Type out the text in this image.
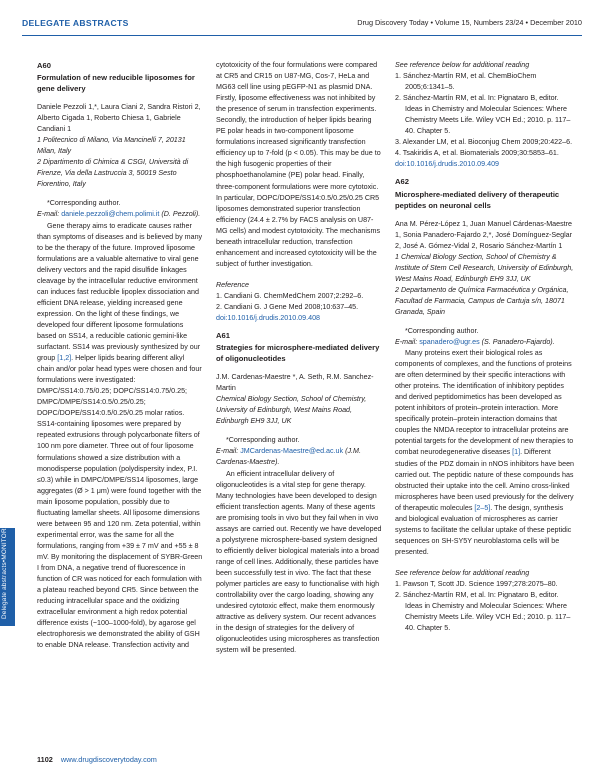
DELEGATE ABSTRACTS	Drug Discovery Today • Volume 15, Numbers 23/24 • December 2010
Delegate abstracts•MONITOR

A60

Formulation of new reducible liposomes for gene delivery

Daniele Pezzoli 1,*, Laura Ciani 2, Sandra Ristori 2, Alberto Cigada 1, Roberto Chiesa 1, Gabriele Candiani 1

1 Politecnico di Milano, Via Mancinelli 7, 20131 Milan, Italy

2 Dipartimento di Chimica & CSGI, Università di Firenze, Via della Lastruccia 3, 50019 Sesto Fiorentino, Italy

*Corresponding author.

E-mail: daniele.pezzoli@chem.polimi.it (D. Pezzoli).

Gene therapy aims to eradicate causes rather than symptoms of diseases and is believed by many to be the therapy of the future. Improved liposome formulations are a valuable alternative to viral gene delivery vectors and the rapid disulfide linkages cleavage by the intracellular reductive environment can induces fast reducible lipoplex dissociation and efficient DNA release, yielding increased gene expression. On the light of these findings, we developed four different liposome formulations based on SS14, a reducible cationic gemini-like surfactant. SS14 was previously synthesized by our group [1,2]. Helper lipids bearing different alkyl chain and/or polar head types were chosen and four formulations were investigated: DMPC/SS14:0.75/0.25; DOPC/SS14:0.75/0.25; DMPC/DMPE/SS14:0.5/0.25/0.25; DOPC/DOPE/SS14:0.5/0.25/0.25 molar ratios. SS14-containing liposomes were prepared by repeated extrusions through polycarbonate filters of 100 nm pore diameter. Three out of four liposome formulations showed a size distribution with a monodisperse population (polydispersity index, P.I. ≤0.3) while in DMPC/DMPE/SS14 liposomes, large aggregates (Ø > 1 μm) were found together with the main liposome population, possibly due to fluctuating lamellar sheets. All liposome dimensions were between 95 and 120 nm. Zeta potential, within experimental error, was the same for all the formulations, ranging from +39 ± 7 mV and +55 ± 8 mV. By monitoring the displacement of SYBR-Green I from DNA, a negative trend of fluorescence in function of CR was noticed for each formulation with a plateau reached beyond CR5. Since between the reducing intracellular space and the oxidizing extracellular environment a high redox potential difference exists (~100–1000-fold), by agarose gel electrophoresis we demonstrated the ability of GSH to enable DNA release. Transfection activity and

cytotoxicity of the four formulations were compared at CR5 and CR15 on U87-MG, Cos-7, HeLa and MG63 cell line using pEGFP-N1 as plasmid DNA. Firstly, liposome effectiveness was not inhibited by the presence of serum in transfection experiments. Secondly, the introduction of helper lipids bearing PE polar heads in two-component liposome formulations increased significantly transfection efficiency up to 7-fold (p < 0.05). This may be due to the high fusogenic properties of their phosphoethanolamine (PE) polar head. Finally, three-component formulations were more cytotoxic. In particular, DOPC/DOPE/SS14:0.5/0.25/0.25 CR5 liposomes demonstrated superior transfection efficiency (24.4 ± 2.7% by FACS analysis on U87-MG cells) and modest cytotoxicity. The mechanisms beneath intracellular reduction, transfection enhancement and increased cytotoxicity will be the subject of further investigation.

Reference

1. Candiani G. ChemMedChem 2007;2:292–6.
2. Candiani G. J Gene Med 2008;10:637–45.

doi:10.1016/j.drudis.2010.09.408

A61

Strategies for microsphere-mediated delivery of oligonucleotides

J.M. Cardenas-Maestre *, A. Seth, R.M. Sanchez-Martin

Chemical Biology Section, School of Chemistry, University of Edinburgh, West Mains Road, Edinburgh EH9 3JJ, UK

*Corresponding author.

E-mail: JMCardenas-Maestre@ed.ac.uk (J.M. Cardenas-Maestre).

An efficient intracellular delivery of oligonucleotides is a vital step for gene therapy. Many technologies have been developed to design efficient transfection agents. Many of these agents are promising tools in vivo but they fail when in vivo assays are carried out. Recently we have developed a polystyrene microsphere-based system designed to efficiently deliver biological materials into a broad range of cell lines. Additionally, these particles have been successfully test in vivo. The fact that these polymer particles are easy to functionalise with high controllability over the cargo loading, showing any undesired cytotoxic effect, make them enormously attractive as delivery system. Our recent advances in the design of strategies for the delivery of oligonucleotides using microspheres as transfection system will be presented.

See reference below for additional reading

1. Sánchez-Martín RM, et al. ChemBioChem 2005;6:1341–5.
2. Sánchez-Martín RM, et al. In: Pignataro B, editor. Ideas in Chemistry and Molecular Sciences: Where Chemistry Meets Life. Wiley VCH Ed.; 2010. p. 117–40. Chapter 5.
3. Alexander LM, et al. Bioconjug Chem 2009;20:422–6.
4. Tsakiridis A, et al. Biomaterials 2009;30:5853–61.

doi:10.1016/j.drudis.2010.09.409

A62

Microsphere-mediated delivery of therapeutic peptides on neuronal cells

Ana M. Pérez-López 1, Juan Manuel Cárdenas-Maestre 1, Sonia Panadero-Fajardo 2,*, José Domínguez-Seglar 2, José A. Gómez-Vidal 2, Rosario Sánchez-Martín 1

1 Chemical Biology Section, School of Chemistry & Institute of Stem Cell Research, University of Edinburgh, West Mains Road, Edinburgh EH9 3JJ, UK

2 Departamento de Química Farmacéutica y Orgánica, Facultad de Farmacia, Campus de Cartuja s/n, 18071 Granada, Spain

*Corresponding author.

E-mail: spanadero@ugr.es (S. Panadero-Fajardo).

Many proteins exert their biological roles as components of complexes, and the functions of proteins are often determined by their specific interactions with other proteins. The identification of inhibitory peptides and derived peptidomimetics has been developed as potent inhibitors of protein–protein interaction. More specifically protein–protein interaction domains that couples the NMDA receptor to intracellular proteins are potential targets for the development of new therapies to combat neurodegenerative diseases [1]. Different studies of the PDZ domain in nNOS inhibitors have been carried out. The peptidic nature of these compounds has obstructed their uptake into the cell. Amino cross-linked microspheres have been used previously for the delivery of therapeutic molecules [2–5]. The design, synthesis and biological evaluation of microspheres as carrier systems to facilitate the cellular uptake of these peptidic sequences on SH-SY5Y neuroblastoma cells will be presented.

See reference below for additional reading

1. Pawson T, Scott JD. Science 1997;278:2075–80.
2. Sánchez-Martín RM, et al. In: Pignataro B, editor. Ideas in Chemistry and Molecular Sciences: Where Chemistry Meets Life. Wiley VCH Ed.; 2010. p. 117–40. Chapter 5.
1102 www.drugdiscoverytoday.com
